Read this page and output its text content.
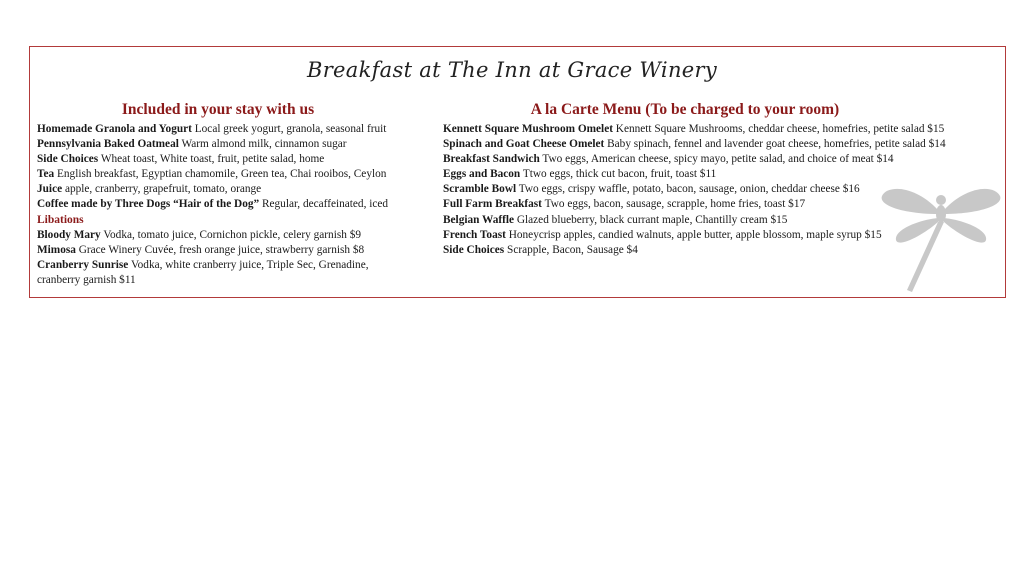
Breakfast at The Inn at Grace Winery
Included in your stay with us
Homemade Granola and Yogurt Local greek yogurt, granola, seasonal fruit
Pennsylvania Baked Oatmeal Warm almond milk, cinnamon sugar
Side Choices Wheat toast, White toast, fruit, petite salad, home
Tea English breakfast, Egyptian chamomile, Green tea, Chai rooibos, Ceylon
Juice apple, cranberry, grapefruit, tomato, orange
Coffee made by Three Dogs “Hair of the Dog” Regular, decaffeinated, iced
Libations
Bloody Mary Vodka, tomato juice, Cornichon pickle, celery garnish $9
Mimosa Grace Winery Cuvée, fresh orange juice, strawberry garnish $8
Cranberry Sunrise Vodka, white cranberry juice, Triple Sec, Grenadine, cranberry garnish $11
A la Carte Menu (To be charged to your room)
Kennett Square Mushroom Omelet Kennett Square Mushrooms, cheddar cheese, homefries, petite salad $15
Spinach and Goat Cheese Omelet Baby spinach, fennel and lavender goat cheese, homefries, petite salad $14
Breakfast Sandwich Two eggs, American cheese, spicy mayo, petite salad, and choice of meat $14
Eggs and Bacon Ttwo eggs, thick cut bacon, fruit, toast $11
Scramble Bowl Two eggs, crispy waffle, potato, bacon, sausage, onion, cheddar cheese $16
Full Farm Breakfast Two eggs, bacon, sausage, scrapple, home fries, toast $17
Belgian Waffle Glazed blueberry, black currant maple, Chantilly cream $15
French Toast Honeycrisp apples, candied walnuts, apple butter, apple blossom, maple syrup $15
Side Choices Scrapple, Bacon, Sausage $4
